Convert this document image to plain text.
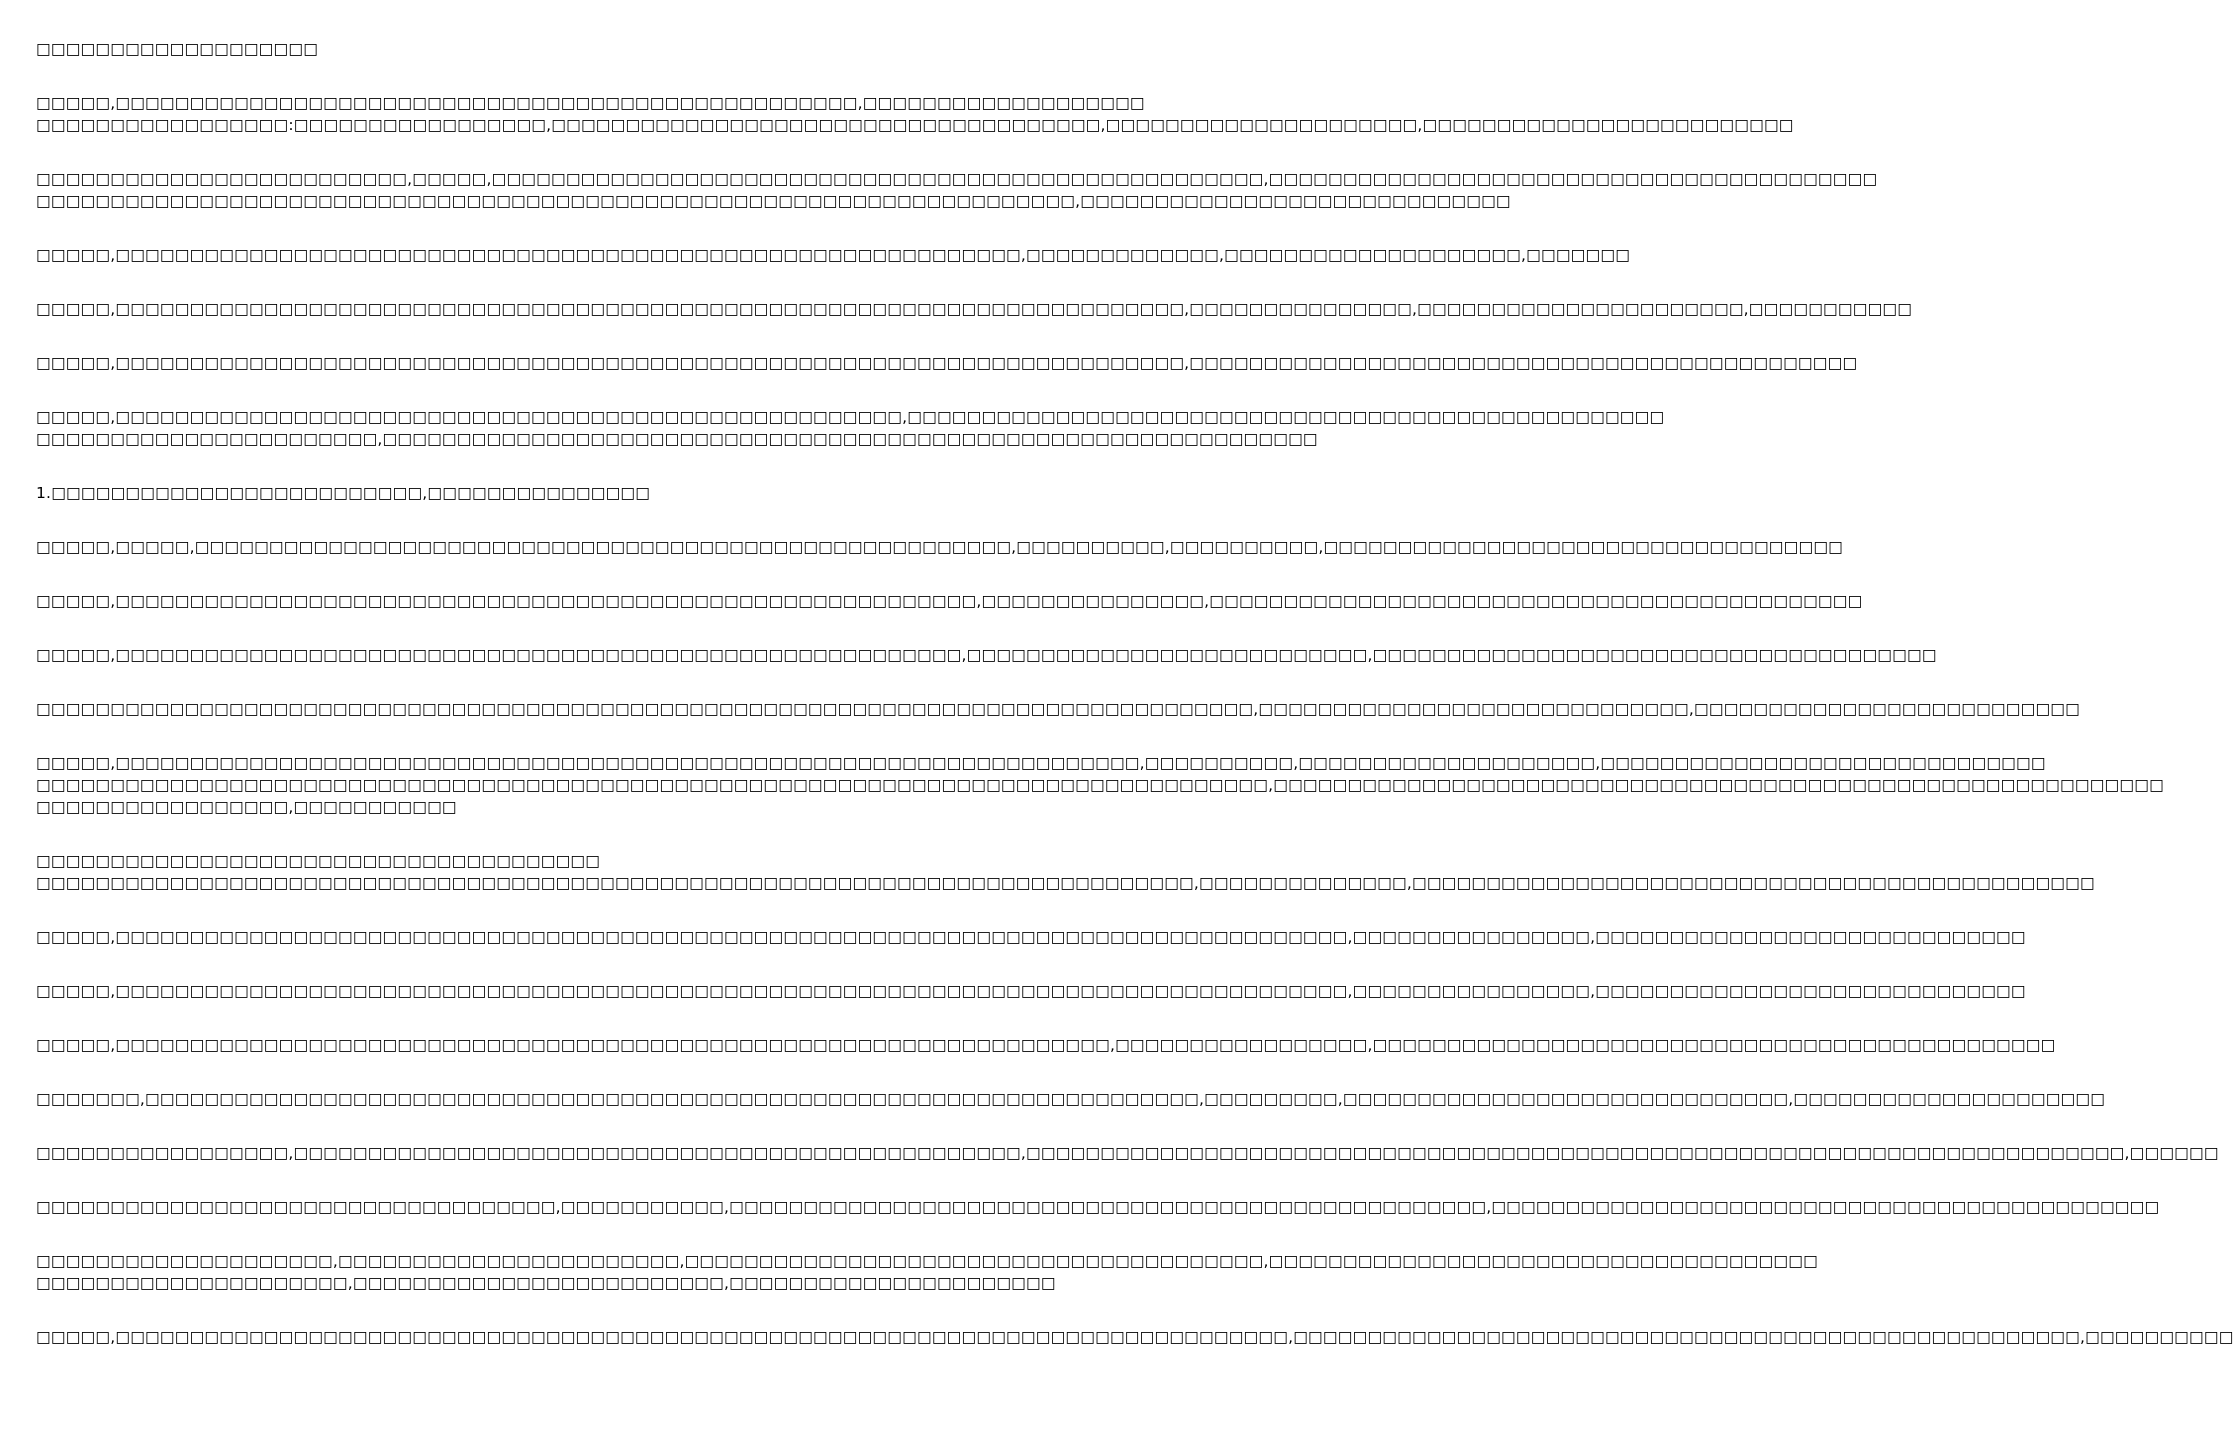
□□□□□□□□□□□□□□□□□□□
□□□□□,□□□□□□□□□□□□□□□□□□□□□□□□□□□□□□□□□□□□□□□□□□□□□□□□□□,□□□□□□□□□□□□□□□□□□□
□□□□□□□□□□□□□□□□□:□□□□□□□□□□□□□□□□□,□□□□□□□□□□□□□□□□□□□□□□□□□□□□□□□□□□□□□,□□□□□□□□□□□□□□□□□□□□□,□□□□□□□□□□□□□□□□□□□□□□□□□
□□□□□□□□□□□□□□□□□□□□□□□□□,□□□□□,□□□□□□□□□□□□□□□□□□□□□□□□□□□□□□□□□□□□□□□□□□□□□□□□□□□□,□□□□□□□□□□□□□□□□□□□□□□□□□□□□□□□□□□□□□□□□□
□□□□□□□□□□□□□□□□□□□□□□□□□□□□□□□□□□□□□□□□□□□□□□□□□□□□□□□□□□□□□□□□□□□□□□,□□□□□□□□□□□□□□□□□□□□□□□□□□□□□
□□□□□,□□□□□□□□□□□□□□□□□□□□□□□□□□□□□□□□□□□□□□□□□□□□□□□□□□□□□□□□□□□□□,□□□□□□□□□□□□□,□□□□□□□□□□□□□□□□□□□□,□□□□□□□
□□□□□,□□□□□□□□□□□□□□□□□□□□□□□□□□□□□□□□□□□□□□□□□□□□□□□□□□□□□□□□□□□□□□□□□□□□□□□□,□□□□□□□□□□□□□□□,□□□□□□□□□□□□□□□□□□□□□□,□□□□□□□□□□□
□□□□□,□□□□□□□□□□□□□□□□□□□□□□□□□□□□□□□□□□□□□□□□□□□□□□□□□□□□□□□□□□□□□□□□□□□□□□□□,□□□□□□□□□□□□□□□□□□□□□□□□□□□□□□□□□□□□□□□□□□□□□
□□□□□,□□□□□□□□□□□□□□□□□□□□□□□□□□□□□□□□□□□□□□□□□□□□□□□□□□□□□,□□□□□□□□□□□□□□□□□□□□□□□□□□□□□□□□□□□□□□□□□□□□□□□□□□□
□□□□□□□□□□□□□□□□□□□□□□□,□□□□□□□□□□□□□□□□□□□□□□□□□□□□□□□□□□□□□□□□□□□□□□□□□□□□□□□□□□□□□□□
1.□□□□□□□□□□□□□□□□□□□□□□□□□,□□□□□□□□□□□□□□□
□□□□□,□□□□□,□□□□□□□□□□□□□□□□□□□□□□□□□□□□□□□□□□□□□□□□□□□□□□□□□□□□□□□,□□□□□□□□□□,□□□□□□□□□□,□□□□□□□□□□□□□□□□□□□□□□□□□□□□□□□□□□□
□□□□□,□□□□□□□□□□□□□□□□□□□□□□□□□□□□□□□□□□□□□□□□□□□□□□□□□□□□□□□□□□,□□□□□□□□□□□□□□□,□□□□□□□□□□□□□□□□□□□□□□□□□□□□□□□□□□□□□□□□□□□□
□□□□□,□□□□□□□□□□□□□□□□□□□□□□□□□□□□□□□□□□□□□□□□□□□□□□□□□□□□□□□□□,□□□□□□□□□□□□□□□□□□□□□□□□□□□,□□□□□□□□□□□□□□□□□□□□□□□□□□□□□□□□□□□□□□
□□□□□□□□□□□□□□□□□□□□□□□□□□□□□□□□□□□□□□□□□□□□□□□□□□□□□□□□□□□□□□□□□□□□□□□□□□□□□□□□□□,□□□□□□□□□□□□□□□□□□□□□□□□□□□□□,□□□□□□□□□□□□□□□□□□□□□□□□□□
□□□□□,□□□□□□□□□□□□□□□□□□□□□□□□□□□□□□□□□□□□□□□□□□□□□□□□□□□□□□□□□□□□□□□□□□□□□,□□□□□□□□□□,□□□□□□□□□□□□□□□□□□□□,□□□□□□□□□□□□□□□□□□□□□□□□□□□□□□
□□□□□□□□□□□□□□□□□□□□□□□□□□□□□□□□□□□□□□□□□□□□□□□□□□□□□□□□□□□□□□□□□□□□□□□□□□□□□□□□□□□,□□□□□□□□□□□□□□□□□□□□□□□□□□□□□□□□□□□□□□□□□□□□□□□□□□□□□□□□□□□□
□□□□□□□□□□□□□□□□□,□□□□□□□□□□□
□□□□□□□□□□□□□□□□□□□□□□□□□□□□□□□□□□□□□□
□□□□□□□□□□□□□□□□□□□□□□□□□□□□□□□□□□□□□□□□□□□□□□□□□□□□□□□□□□□□□□□□□□□□□□□□□□□□□□,□□□□□□□□□□□□□□,□□□□□□□□□□□□□□□□□□□□□□□□□□□□□□□□□□□□□□□□□□□□□□
□□□□□,□□□□□□□□□□□□□□□□□□□□□□□□□□□□□□□□□□□□□□□□□□□□□□□□□□□□□□□□□□□□□□□□□□□□□□□□□□□□□□□□□□□,□□□□□□□□□□□□□□□□,□□□□□□□□□□□□□□□□□□□□□□□□□□□□□
□□□□□,□□□□□□□□□□□□□□□□□□□□□□□□□□□□□□□□□□□□□□□□□□□□□□□□□□□□□□□□□□□□□□□□□□□□□□□□□□□□□□□□□□□,□□□□□□□□□□□□□□□□,□□□□□□□□□□□□□□□□□□□□□□□□□□□□□
□□□□□,□□□□□□□□□□□□□□□□□□□□□□□□□□□□□□□□□□□□□□□□□□□□□□□□□□□□□□□□□□□□□□□□□□□,□□□□□□□□□□□□□□□□□,□□□□□□□□□□□□□□□□□□□□□□□□□□□□□□□□□□□□□□□□□□□□□□
□□□□□□□,□□□□□□□□□□□□□□□□□□□□□□□□□□□□□□□□□□□□□□□□□□□□□□□□□□□□□□□□□□□□□□□□□□□□□□□,□□□□□□□□□,□□□□□□□□□□□□□□□□□□□□□□□□□□□□□□,□□□□□□□□□□□□□□□□□□□□□
□□□□□□□□□□□□□□□□□,□□□□□□□□□□□□□□□□□□□□□□□□□□□□□□□□□□□□□□□□□□□□□□□□□,□□□□□□□□□□□□□□□□□□□□□□□□□□□□□□□□□□□□□□□□□□□□□□□□□□□□□□□□□□□□□□□□□□□□□□□□□□,□□□□□□
□□□□□□□□□□□□□□□□□□□□□□□□□□□□□□□□□□□,□□□□□□□□□□□,□□□□□□□□□□□□□□□□□□□□□□□□□□□□□□□□□□□□□□□□□□□□□□□□□□□,□□□□□□□□□□□□□□□□□□□□□□□□□□□□□□□□□□□□□□□□□□□□□
□□□□□□□□□□□□□□□□□□□□,□□□□□□□□□□□□□□□□□□□□□□□,□□□□□□□□□□□□□□□□□□□□□□□□□□□□□□□□□□□□□□□,□□□□□□□□□□□□□□□□□□□□□□□□□□□□□□□□□□□□□
□□□□□□□□□□□□□□□□□□□□□,□□□□□□□□□□□□□□□□□□□□□□□□□,□□□□□□□□□□□□□□□□□□□□□□
□□□□□,□□□□□□□□□□□□□□□□□□□□□□□□□□□□□□□□□□□□□□□□□□□□□□□□□□□□□□□□□□□□□□□□□□□□□□□□□□□□□□□,□□□□□□□□□□□□□□□□□□□□□□□□□□□□□□□□□□□□□□□□□□□□□□□□□□□□□,□□□□□□□□□□
